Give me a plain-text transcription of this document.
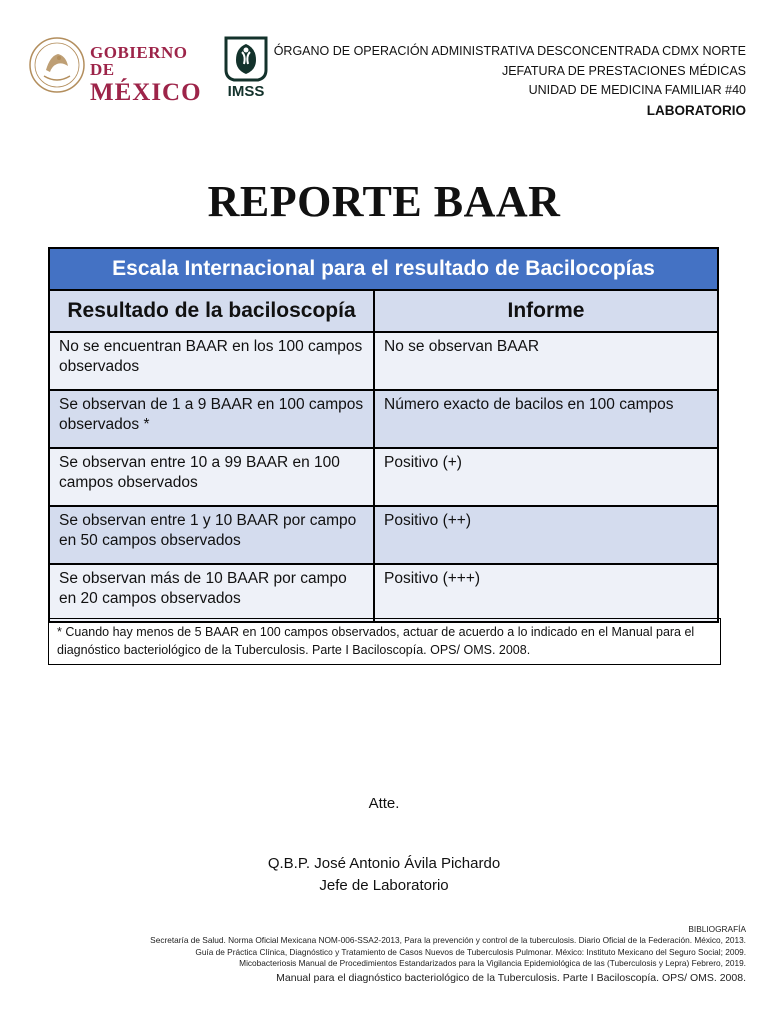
GOBIERNO DE
MÉXICO	IMSS
ÓRGANO DE OPERACIÓN ADMINISTRATIVA DESCONCENTRADA CDMX NORTE
JEFATURA DE PRESTACIONES MÉDICAS
UNIDAD DE MEDICINA FAMILIAR #40
LABORATORIO
REPORTE BAAR
Escala Internacional para el resultado de Bacilocopías	
Resultado de la baciloscopía	Informe
No se encuentran BAAR en los 100 campos observados	No se observan BAAR
Se observan de 1 a 9 BAAR en 100 campos observados *	Número exacto de bacilos en 100 campos
Se observan entre 10 a 99 BAAR en 100 campos observados	Positivo (+)
Se observan entre 1 y 10 BAAR por campo en 50 campos observados	Positivo (++)
Se observan más de 10 BAAR por campo en 20 campos observados	Positivo (+++)
* Cuando hay menos de 5 BAAR en 100 campos observados, actuar de acuerdo a lo indicado en el Manual para el diagnóstico bacteriológico de la Tuberculosis. Parte I Baciloscopía. OPS/ OMS. 2008.
Atte.
Q.B.P. José Antonio Ávila Pichardo
Jefe de Laboratorio
BIBLIOGRAFÍA
Secretaría de Salud. Norma Oficial Mexicana NOM-006-SSA2-2013, Para la prevención y control de la tuberculosis. Diario Oficial de la Federación. México, 2013.
Guía de Práctica Clínica, Diagnóstico y Tratamiento de Casos Nuevos de Tuberculosis Pulmonar. México: Instituto Mexicano del Seguro Social; 2009.
Micobacteriosis Manual de Procedimientos Estandarizados para la Vigilancia Epidemiológica de las (Tuberculosis y Lepra) Febrero, 2019.
Manual para el diagnóstico bacteriológico de la Tuberculosis. Parte I Baciloscopía. OPS/ OMS. 2008.
